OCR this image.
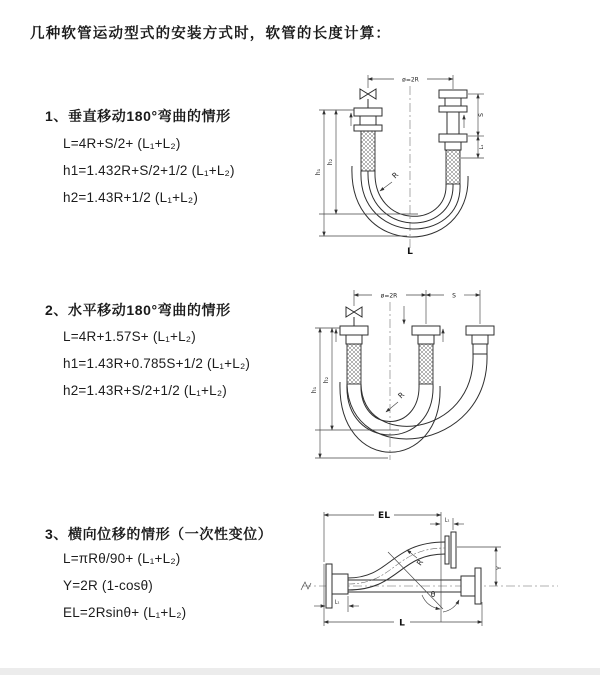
几种软管运动型式的安装方式时，软管的长度计算：
1、垂直移动180°弯曲的情形
L=4R+S/2+ (L₁+L₂)
h1=1.432R+S/2+1/2 (L₁+L₂)
h2=1.43R+1/2 (L₁+L₂)
2、水平移动180°弯曲的情形
L=4R+1.57S+ (L₁+L₂)
h1=1.43R+0.785S+1/2 (L₁+L₂)
h2=1.43R+S/2+1/2 (L₁+L₂)
3、横向位移的情形（一次性变位）
L=πRθ/90+ (L₁+L₂)
Y=2R (1-cosθ)
EL=2Rsinθ+ (L₁+L₂)
ø=2R
h₁
h₂
S
L₁
R
L
ø=2R	S
h₁
h₂
R
EL	L₁
Y
L
L₁
θ
R
